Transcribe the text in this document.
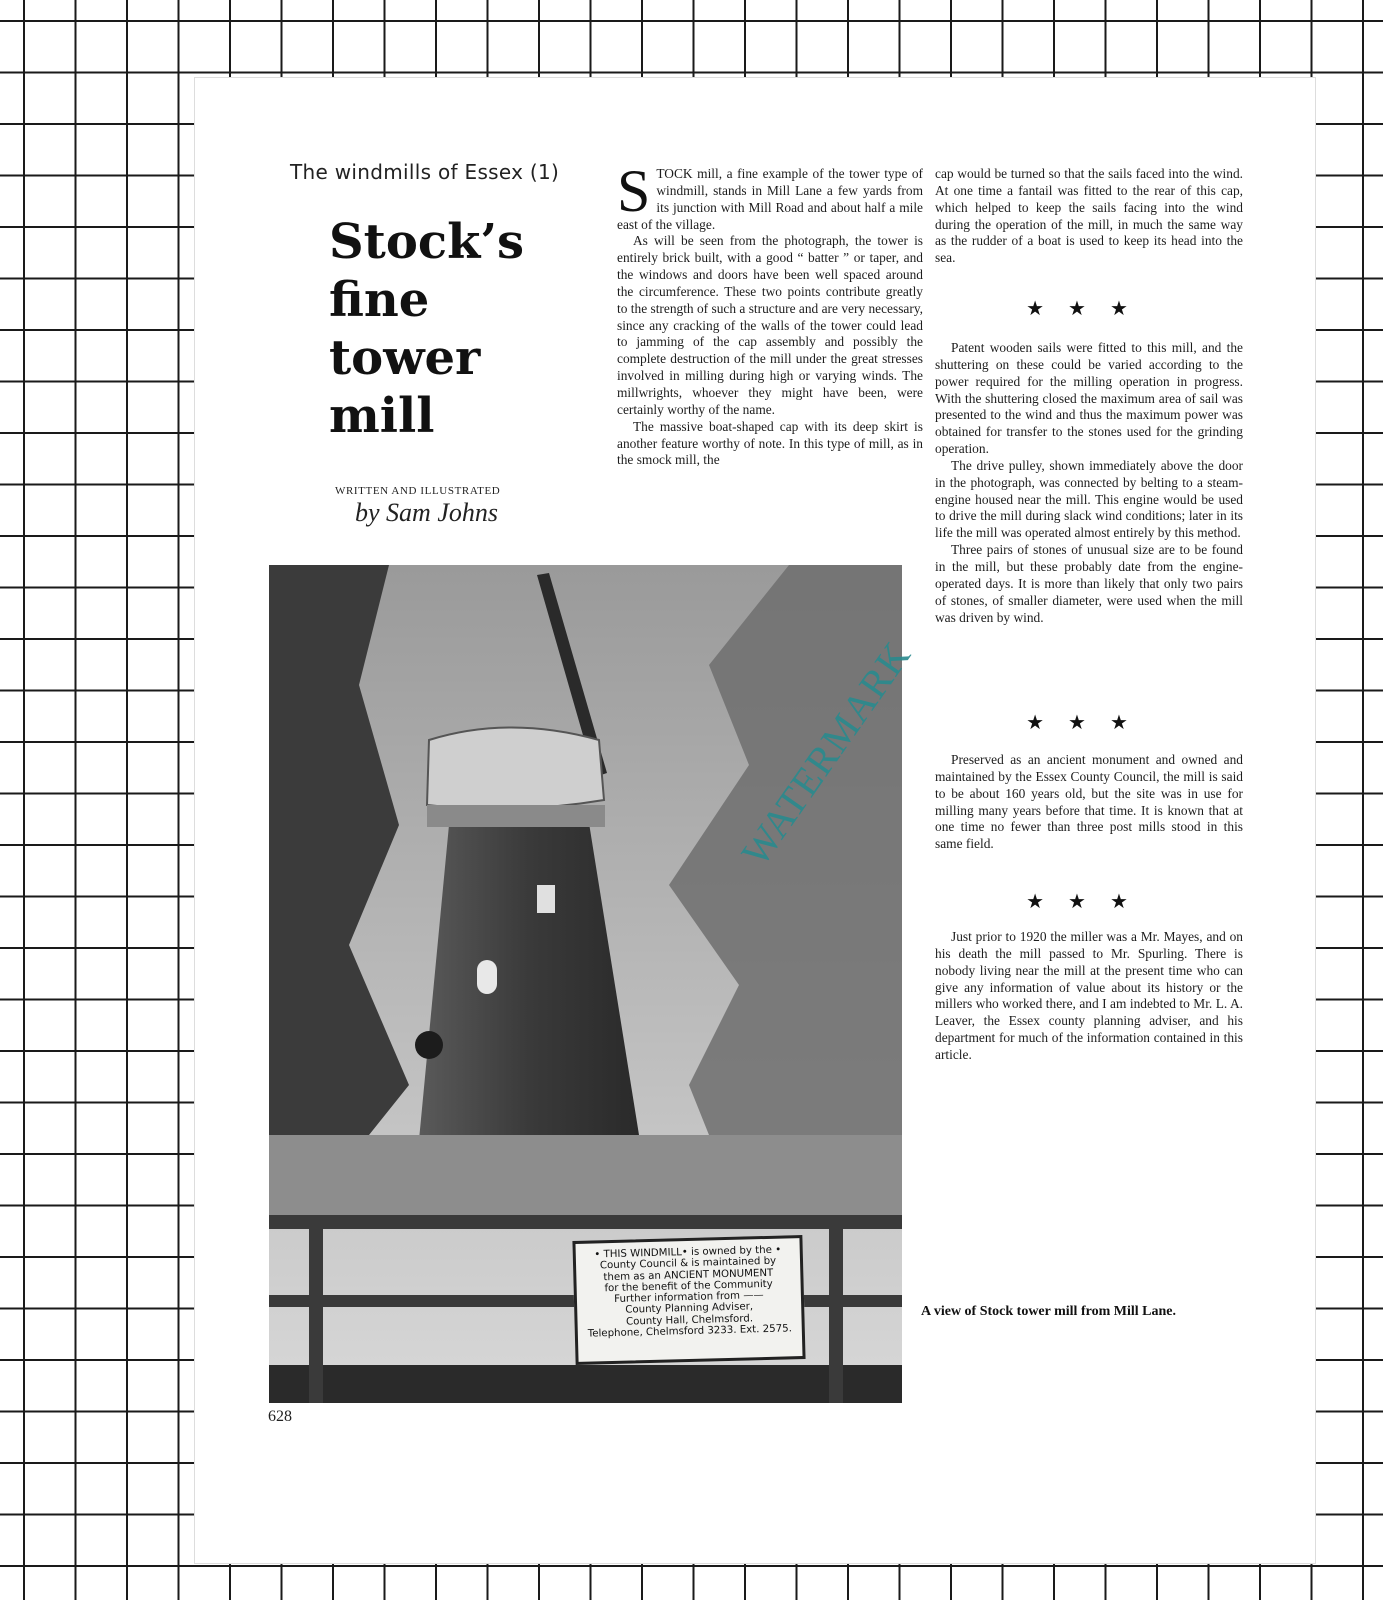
The windmills of Essex (1)
Stock’s
fine
tower
mill
WRITTEN AND ILLUSTRATED
by Sam Johns

STOCK mill, a fine example of the tower type of windmill, stands in Mill Lane a few yards from its junction with Mill Road and about half a mile east of the village.

As will be seen from the photograph, the tower is entirely brick built, with a good “ batter ” or taper, and the windows and doors have been well spaced around the circumference. These two points contribute greatly to the strength of such a structure and are very necessary, since any cracking of the walls of the tower could lead to jamming of the cap assembly and possibly the complete destruction of the mill under the great stresses involved in milling during high or varying winds. The millwrights, whoever they might have been, were certainly worthy of the name.

The massive boat-shaped cap with its deep skirt is another feature worthy of note. In this type of mill, as in the smock mill, the

cap would be turned so that the sails faced into the wind. At one time a fantail was fitted to the rear of this cap, which helped to keep the sails facing into the wind during the operation of the mill, in much the same way as the rudder of a boat is used to keep its head into the sea.

★★★

Patent wooden sails were fitted to this mill, and the shuttering on these could be varied according to the power required for the milling operation in progress. With the shuttering closed the maximum area of sail was presented to the wind and thus the maximum power was obtained for transfer to the stones used for the grinding operation.

The drive pulley, shown immediately above the door in the photograph, was connected by belting to a steam-engine housed near the mill. This engine would be used to drive the mill during slack wind conditions; later in its life the mill was operated almost entirely by this method.

Three pairs of stones of unusual size are to be found in the mill, but these probably date from the engine-operated days. It is more than likely that only two pairs of stones, of smaller diameter, were used when the mill was driven by wind.

★★★

Preserved as an ancient monument and owned and maintained by the Essex County Council, the mill is said to be about 160 years old, but the site was in use for milling many years before that time. It is known that at one time no fewer than three post mills stood in this same field.

★★★

Just prior to 1920 the miller was a Mr. Mayes, and on his death the mill passed to Mr. Spurling. There is nobody living near the mill at the present time who can give any information of value about its history or the millers who worked there, and I am indebted to Mr. L. A. Leaver, the Essex county planning adviser, and his department for much of the information contained in this article.

• THIS WINDMILL• is owned by the •
County Council & is maintained by
them as an ANCIENT MONUMENT
for the benefit of the Community
Further information from ——
County Planning Adviser,
County Hall, Chelmsford.
Telephone, Chelmsford 3233. Ext. 2575.
A view of Stock tower mill from Mill Lane.
628
WATERMARK
